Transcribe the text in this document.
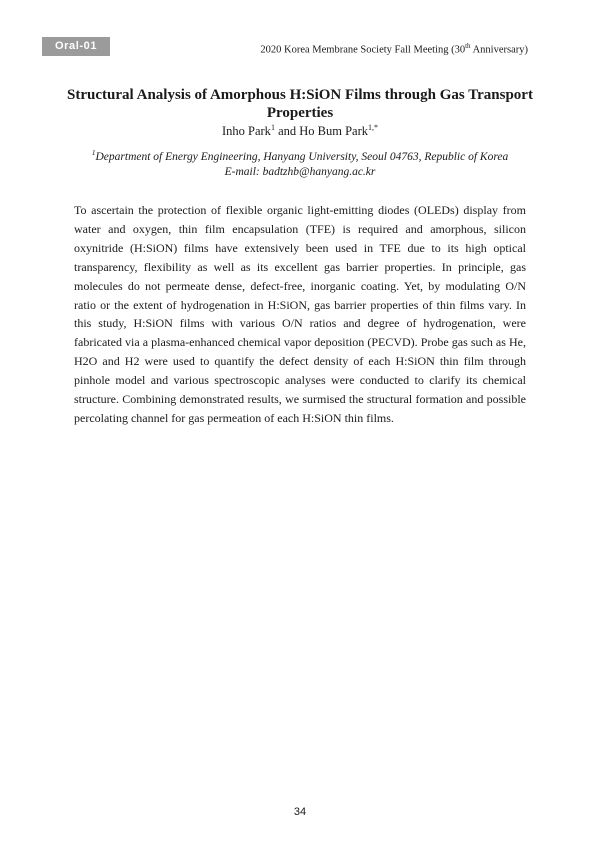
Oral-01	2020 Korea Membrane Society Fall Meeting (30th Anniversary)
Structural Analysis of Amorphous H:SiON Films through Gas Transport Properties
Inho Park$^1$ and Ho Bum Park$^{1,*}$
$^1$Department of Energy Engineering, Hanyang University, Seoul 04763, Republic of Korea
E-mail: badtzhb@hanyang.ac.kr

To ascertain the protection of flexible organic light-emitting diodes (OLEDs) display from water and oxygen, thin film encapsulation (TFE) is required and amorphous, silicon oxynitride (H:SiON) films have extensively been used in TFE due to its high optical transparency, flexibility as well as its excellent gas barrier properties. In principle, gas molecules do not permeate dense, defect-free, inorganic coating. Yet, by modulating O/N ratio or the extent of hydrogenation in H:SiON, gas barrier properties of thin films vary. In this study, H:SiON films with various O/N ratios and degree of hydrogenation, were fabricated via a plasma-enhanced chemical vapor deposition (PECVD). Probe gas such as He, H2O and H2 were used to quantify the defect density of each H:SiON thin film through pinhole model and various spectroscopic analyses were conducted to clarify its chemical structure. Combining demonstrated results, we surmised the structural formation and possible percolating channel for gas permeation of each H:SiON thin films.

34
